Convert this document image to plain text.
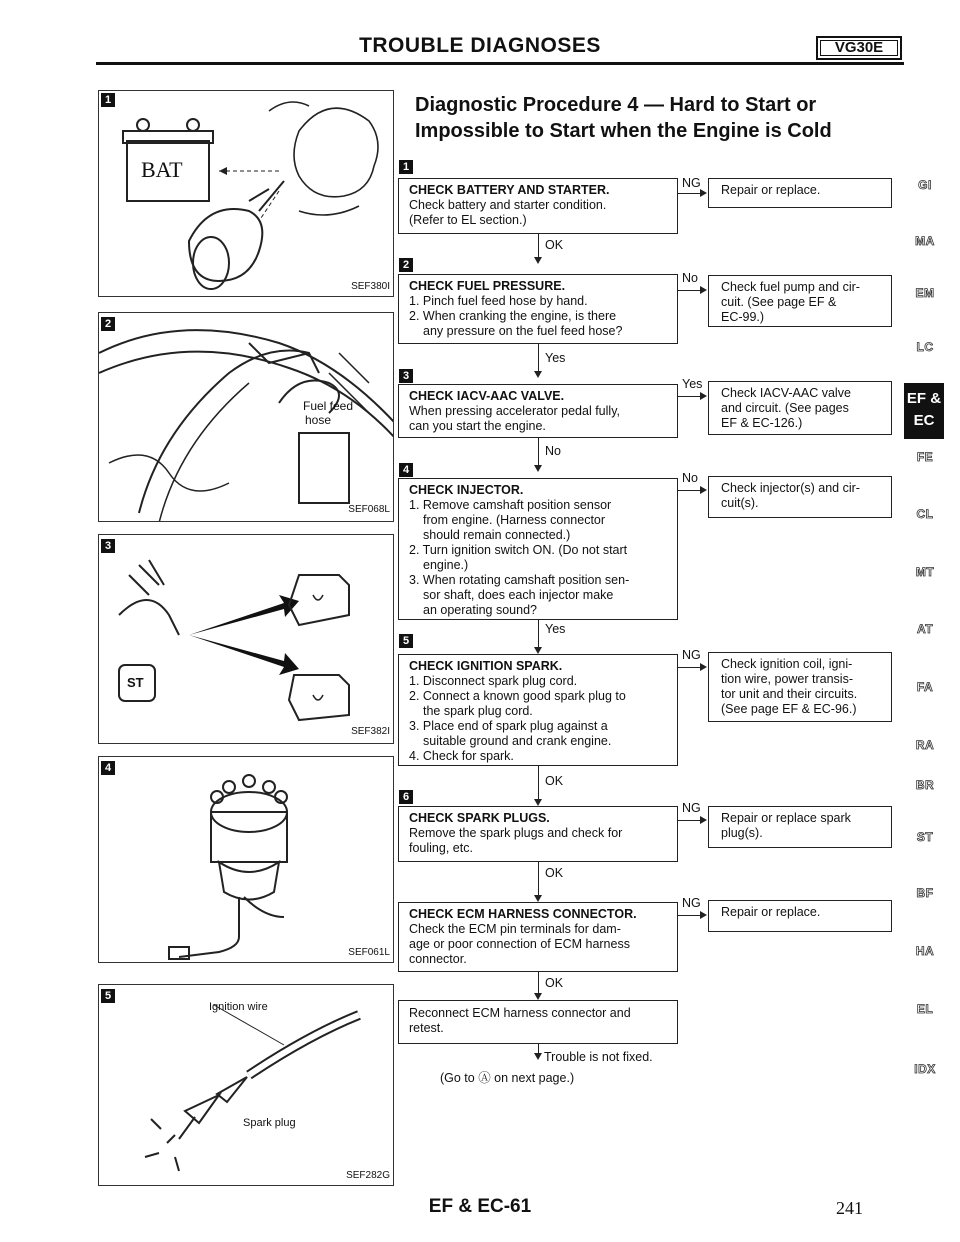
TROUBLE DIAGNOSES	VG30E
Diagnostic Procedure 4 — Hard to Start or
Impossible to Start when the Engine is Cold
BAT
SEF380I
1
Fuel feed
hose
SEF068L
2
ST
SEF382I
3
SEF061L
4
Ignition wire
Spark plug
SEF282G
5
1
CHECK BATTERY AND STARTER.
Check battery and starter condition.
(Refer to EL section.)
NG	Repair or replace.
OK
2
CHECK FUEL PRESSURE.
1. Pinch fuel feed hose by hand.
2. When cranking the engine, is there
any pressure on the fuel feed hose?
No
Check fuel pump and cir-
cuit. (See page EF &
EC-99.)
Yes
3
CHECK IACV-AAC VALVE.
When pressing accelerator pedal fully,
can you start the engine.
Yes
Check IACV-AAC valve
and circuit. (See pages
EF & EC-126.)
No
4
CHECK INJECTOR.
1. Remove camshaft position sensor
from engine. (Harness connector
should remain connected.)
2. Turn ignition switch ON. (Do not start
engine.)
3. When rotating camshaft position sen-
sor shaft, does each injector make
an operating sound?
No
Check injector(s) and cir-
cuit(s).
Yes
5
CHECK IGNITION SPARK.
1. Disconnect spark plug cord.
2. Connect a known good spark plug to
the spark plug cord.
3. Place end of spark plug against a
suitable ground and crank engine.
4. Check for spark.
NG
Check ignition coil, igni-
tion wire, power transis-
tor unit and their circuits.
(See page EF & EC-96.)
OK
6
CHECK SPARK PLUGS.
Remove the spark plugs and check for
fouling, etc.
NG
Repair or replace spark
plug(s).
OK
CHECK ECM HARNESS CONNECTOR.
Check the ECM pin terminals for dam-
age or poor connection of ECM harness
connector.
NG
Repair or replace.
OK
Reconnect ECM harness connector and
retest.
Trouble is not fixed.
(Go to Ⓐ on next page.)
GI
MA
EM
LC
FE
CL
MT
AT
FA
RA
BR
ST
BF
HA
EL
IDX
EF &
EC
EF & EC-61	241
